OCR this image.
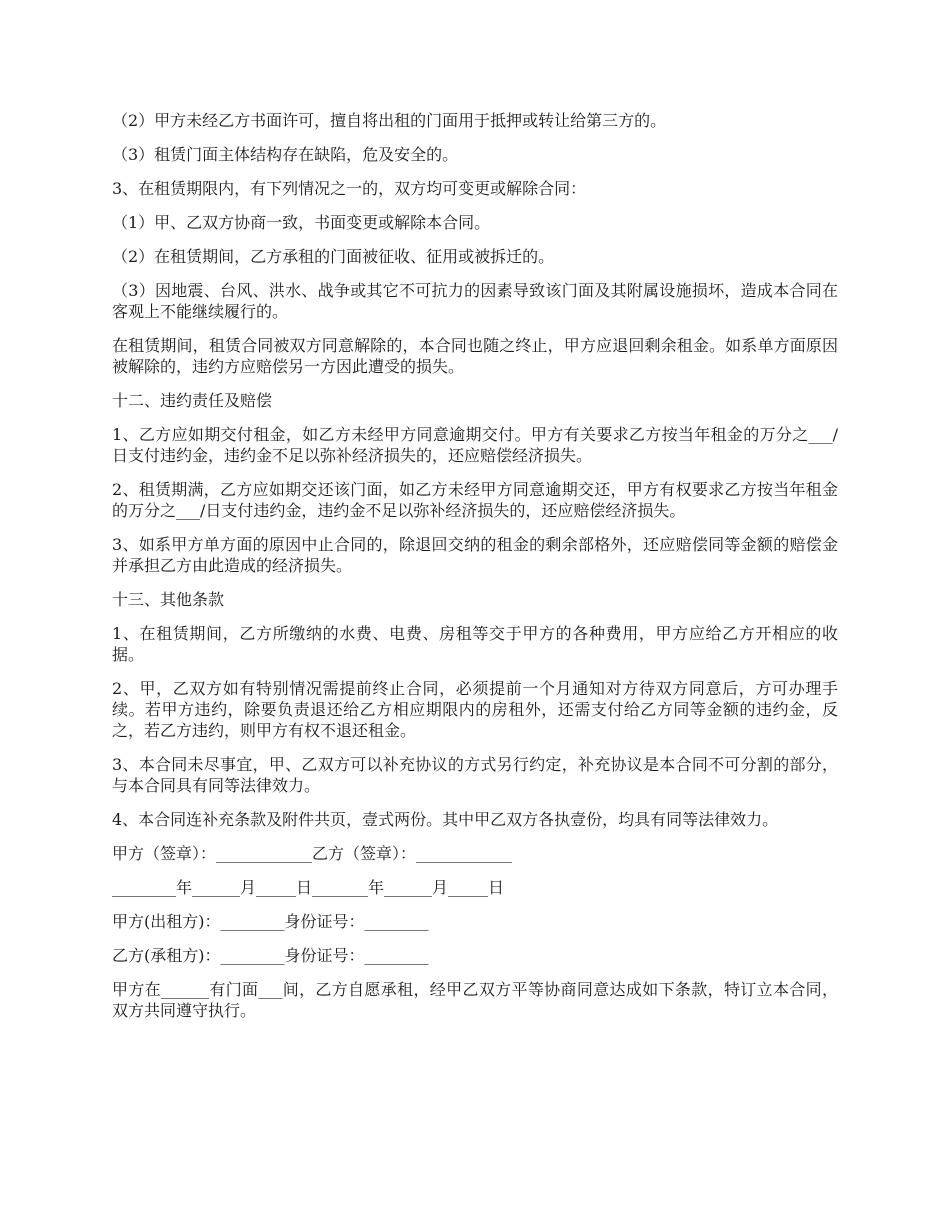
（2）甲方未经乙方书面许可，擅自将出租的门面用于抵押或转让给第三方的。

（3）租赁门面主体结构存在缺陷，危及安全的。

3、在租赁期限内，有下列情况之一的，双方均可变更或解除合同：

（1）甲、乙双方协商一致，书面变更或解除本合同。

（2）在租赁期间，乙方承租的门面被征收、征用或被拆迁的。

（3）因地震、台风、洪水、战争或其它不可抗力的因素导致该门面及其附属设施损坏，造成本合同在客观上不能继续履行的。

在租赁期间，租赁合同被双方同意解除的，本合同也随之终止，甲方应退回剩余租金。如系单方面原因被解除的，违约方应赔偿另一方因此遭受的损失。

十二、违约责任及赔偿

1、乙方应如期交付租金，如乙方未经甲方同意逾期交付。甲方有关要求乙方按当年租金的万分之___/日支付违约金，违约金不足以弥补经济损失的，还应赔偿经济损失。

2、租赁期满，乙方应如期交还该门面，如乙方未经甲方同意逾期交还，甲方有权要求乙方按当年租金的万分之___/日支付违约金，违约金不足以弥补经济损失的，还应赔偿经济损失。

3、如系甲方单方面的原因中止合同的，除退回交纳的租金的剩余部格外，还应赔偿同等金额的赔偿金并承担乙方由此造成的经济损失。

十三、其他条款

1、在租赁期间，乙方所缴纳的水费、电费、房租等交于甲方的各种费用，甲方应给乙方开相应的收据。

2、甲，乙双方如有特别情况需提前终止合同，必须提前一个月通知对方待双方同意后，方可办理手续。若甲方违约，除要负责退还给乙方相应期限内的房租外，还需支付给乙方同等金额的违约金，反之，若乙方违约，则甲方有权不退还租金。

3、本合同未尽事宜，甲、乙双方可以补充协议的方式另行约定，补充协议是本合同不可分割的部分，与本合同具有同等法律效力。

4、本合同连补充条款及附件共页，壹式两份。其中甲乙双方各执壹份，均具有同等法律效力。

甲方（签章）：____________乙方（签章）：____________

________年______月_____日_______年______月_____日

甲方(出租方)：________身份证号：________

乙方(承租方)：________身份证号：________

甲方在______有门面___间，乙方自愿承租，经甲乙双方平等协商同意达成如下条款，特订立本合同，双方共同遵守执行。
